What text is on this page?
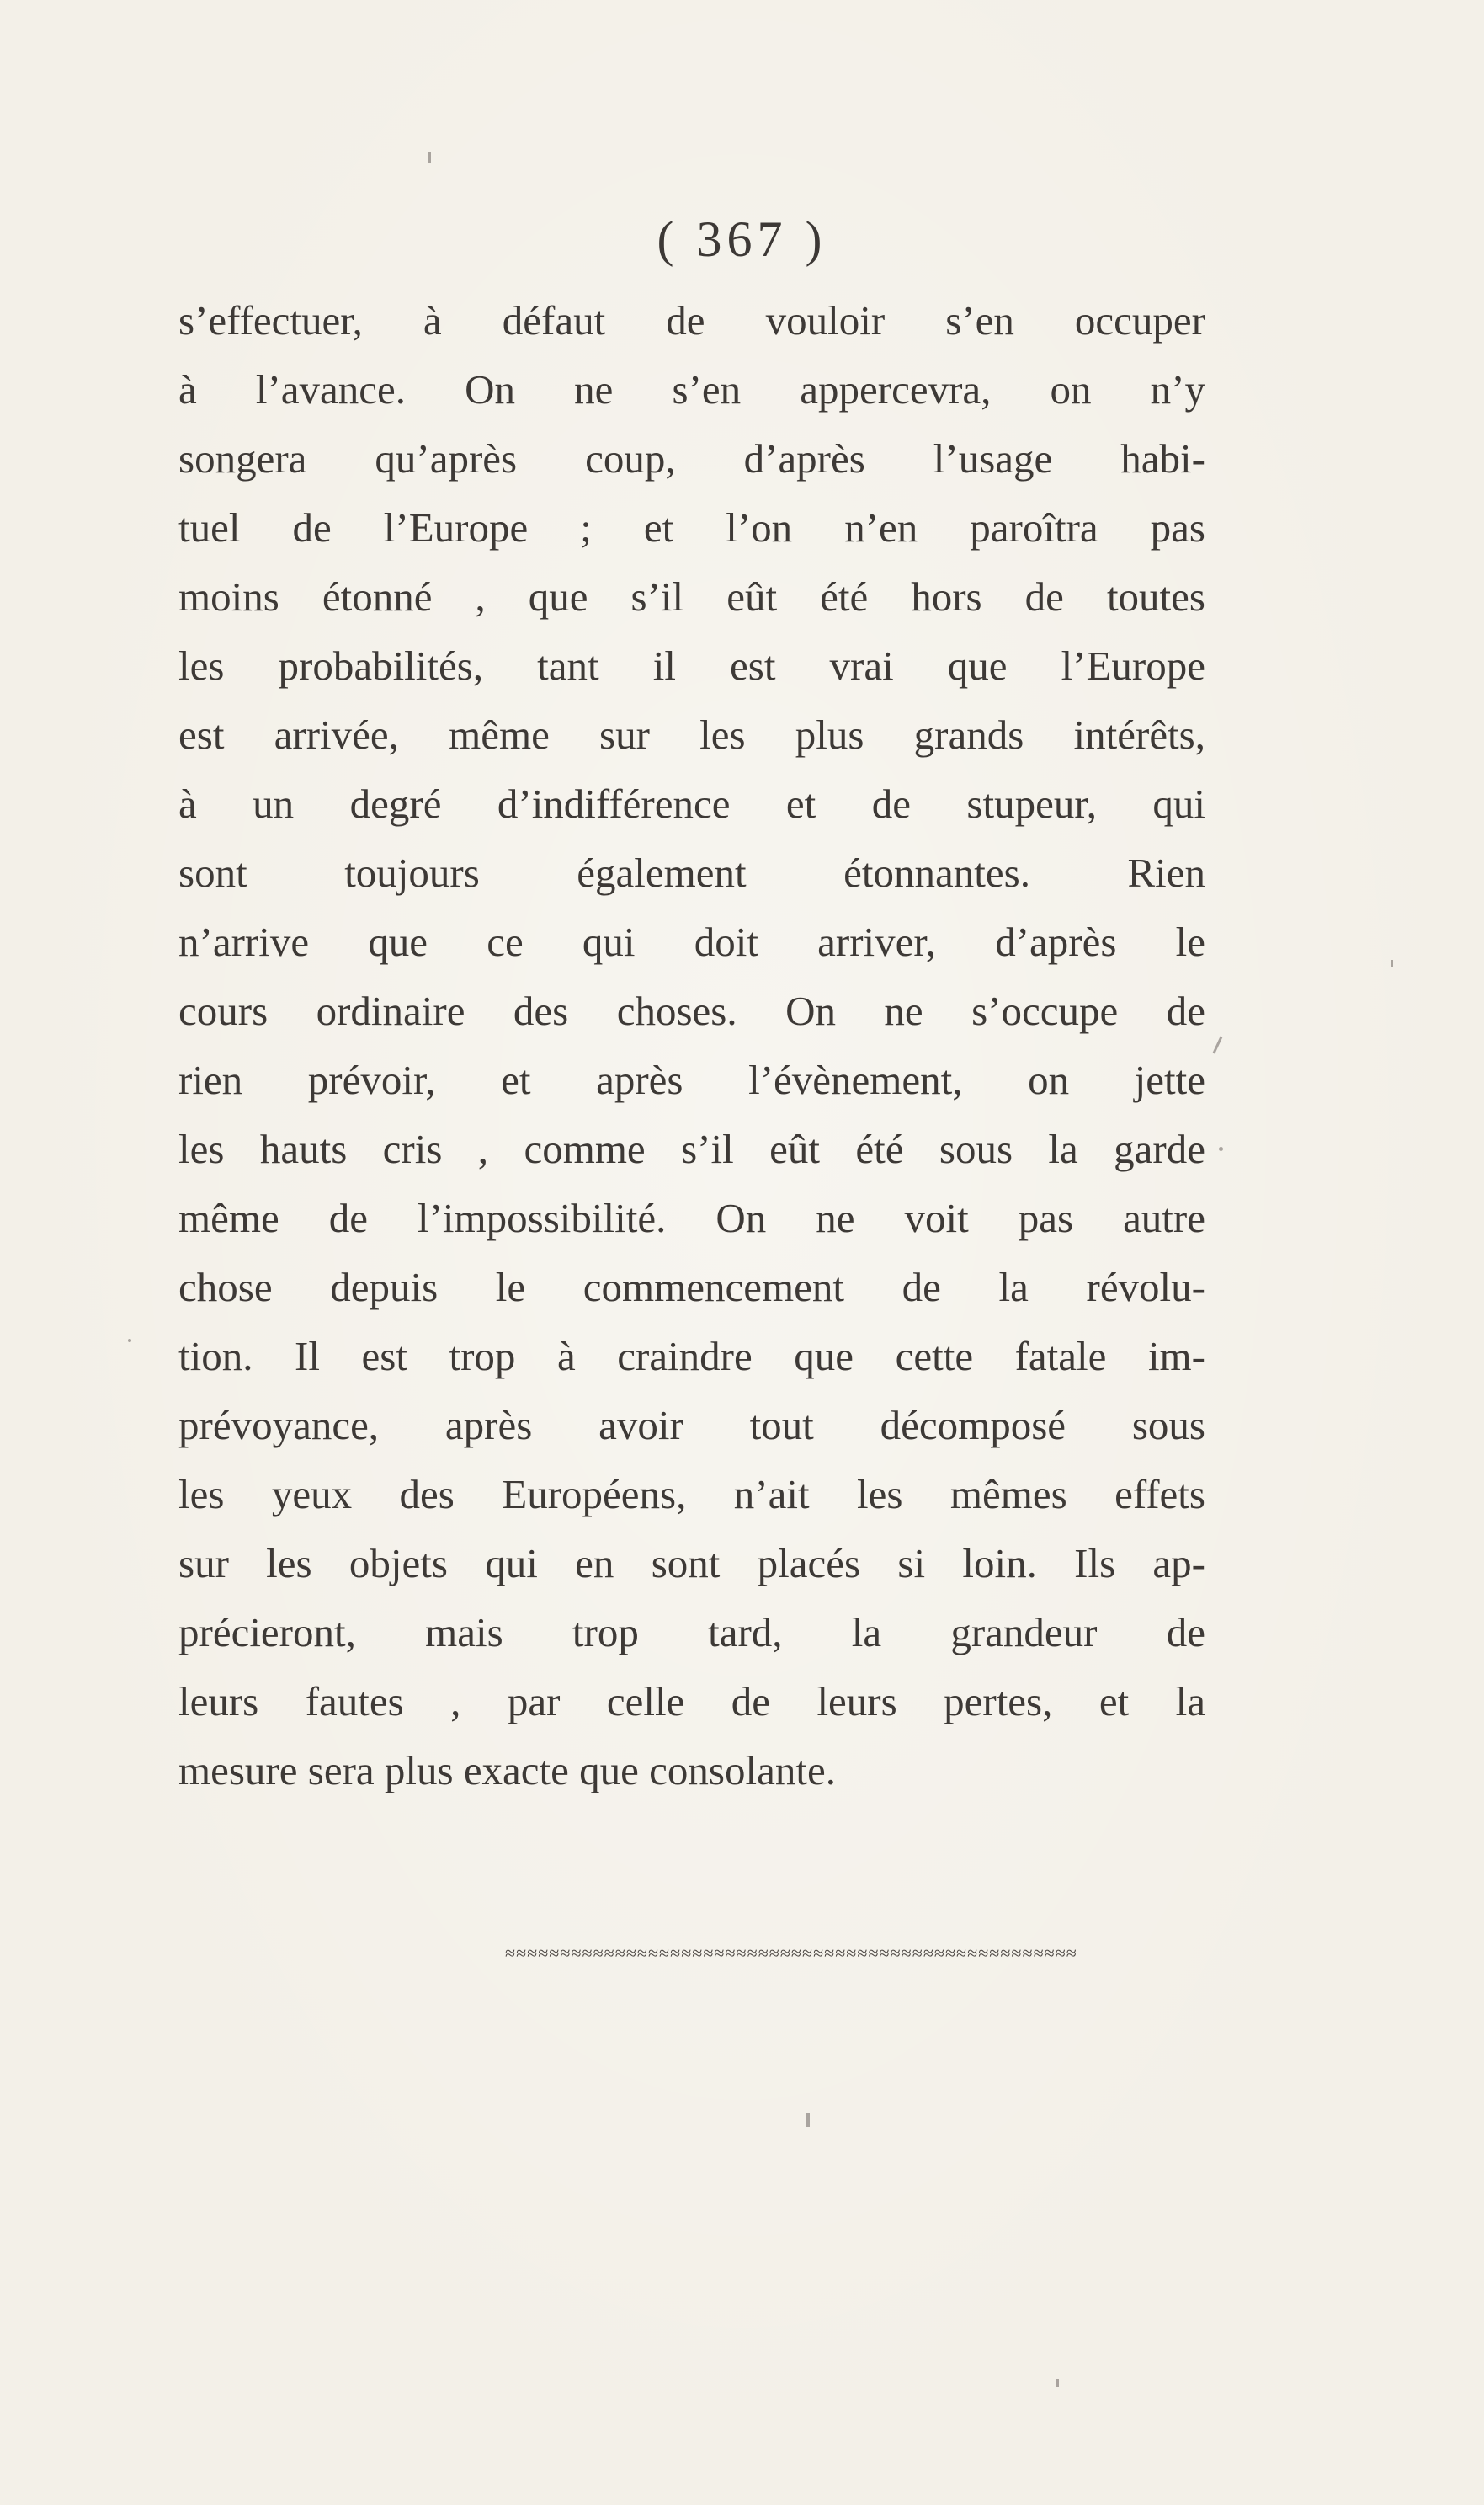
( 367 )
s’effectuer, à défaut de vouloir s’en occuper
à l’avance. On ne s’en appercevra, on n’y
songera qu’après coup, d’après l’usage habi-
tuel de l’Europe ; et l’on n’en paroîtra pas
moins étonné , que s’il eût été hors de toutes
les probabilités, tant il est vrai que l’Europe
est arrivée, même sur les plus grands intérêts,
à un degré d’indifférence et de stupeur, qui
sont toujours également étonnantes. Rien
n’arrive que ce qui doit arriver, d’après le
cours ordinaire des choses. On ne s’occupe de
rien prévoir, et après l’évènement, on jette
les hauts cris , comme s’il eût été sous la garde
même de l’impossibilité. On ne voit pas autre
chose depuis le commencement de la révolu-
tion. Il est trop à craindre que cette fatale im-
prévoyance, après avoir tout décomposé sous
les yeux des Européens, n’ait les mêmes effets
sur les objets qui en sont placés si loin. Ils ap-
précieront, mais trop tard, la grandeur de
leurs fautes , par celle de leurs pertes, et la
mesure sera plus exacte que consolante.
≈≈≈≈≈≈≈≈≈≈≈≈≈≈≈≈≈≈≈≈≈≈≈≈≈≈≈≈≈≈≈≈≈≈≈≈≈≈≈≈≈≈≈≈≈≈≈≈≈≈≈≈
